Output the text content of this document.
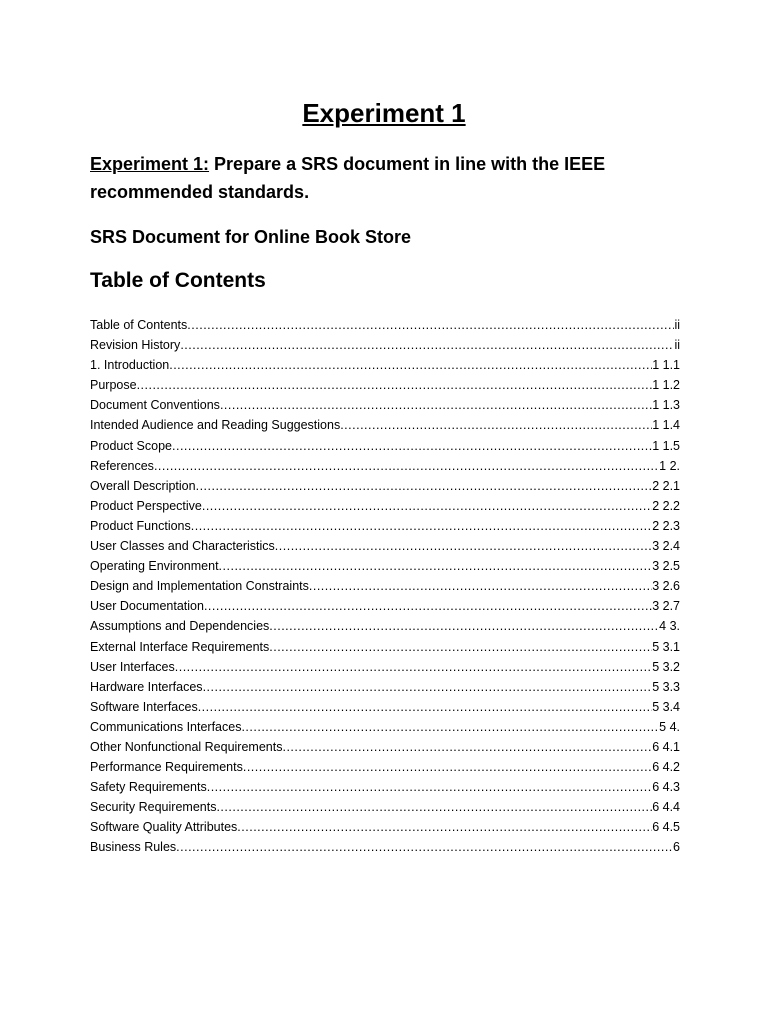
Experiment 1

Experiment 1: Prepare a SRS document in line with the IEEE recommended standards.

SRS Document for Online Book Store
Table of Contents
Table of Contents .....	ii
Revision History .....	ii
1. Introduction .....	1 1.1
Purpose .....	1 1.2
Document Conventions .....	1 1.3
Intended Audience and Reading Suggestions .....	1 1.4
Product Scope .....	1 1.5
References .....	1 2.
Overall Description .....	2 2.1
Product Perspective .....	2 2.2
Product Functions .....	2 2.3
User Classes and Characteristics .....	3 2.4
Operating Environment .....	3 2.5
Design and Implementation Constraints .....	3 2.6
User Documentation .....	3 2.7
Assumptions and Dependencies .....	4 3.
External Interface Requirements .....	5 3.1
User Interfaces .....	5 3.2
Hardware Interfaces .....	5 3.3
Software Interfaces .....	5 3.4
Communications Interfaces .....	5 4.
Other Nonfunctional Requirements .....	6 4.1
Performance Requirements .....	6 4.2
Safety Requirements .....	6 4.3
Security Requirements .....	6 4.4
Software Quality Attributes .....	6 4.5
Business Rules .....	6
